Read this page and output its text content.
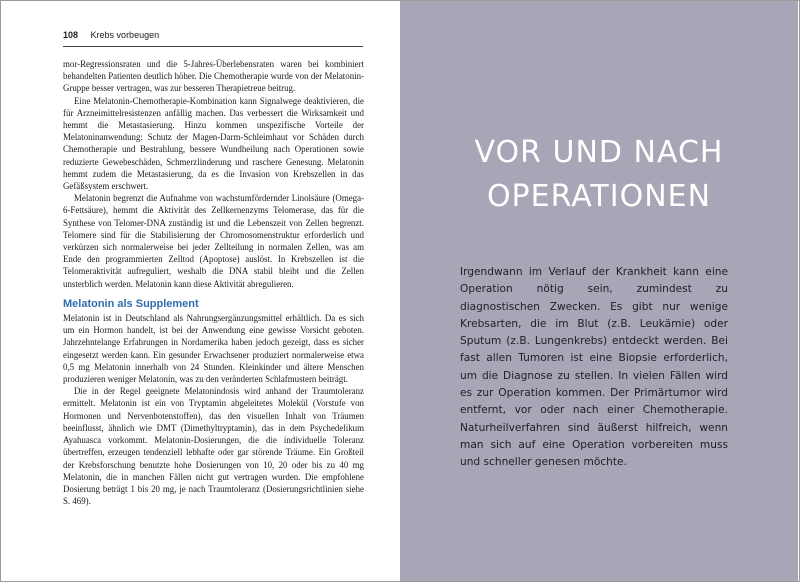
108 Krebs vorbeugen

mor-Regressionsraten und die 5-Jahres-Überlebensraten waren bei kombiniert behandelten Patienten deutlich höher. Die Chemotherapie wurde von der Melatonin-Gruppe besser vertragen, was zur besseren Therapietreue beitrug.

Eine Melatonin-Chemotherapie-Kombination kann Signalwege deaktivieren, die für Arzneimittelresistenzen anfällig machen. Das verbessert die Wirksamkeit und hemmt die Metastasierung. Hinzu kommen unspezifische Vorteile der Melatoninanwendung: Schutz der Magen-Darm-Schleimhaut vor Schäden durch Chemotherapie und Bestrahlung, bessere Wundheilung nach Operationen sowie reduzierte Gewebeschäden, Schmerzlinderung und raschere Genesung. Melatonin hemmt zudem die Metastasierung, da es die Invasion von Krebszellen in das Gefäßsystem erschwert.

Melatonin begrenzt die Aufnahme von wachstumfördernder Linolsäure (Omega-6-Fettsäure), hemmt die Aktivität des Zellkernenzyms Telomerase, das für die Synthese von Telomer-DNA zuständig ist und die Lebenszeit von Zellen begrenzt. Telomere sind für die Stabilisierung der Chromosomenstruktur erforderlich und verkürzen sich normalerweise bei jeder Zellteilung in normalen Zellen, was am Ende den programmierten Zelltod (Apoptose) auslöst. In Krebszellen ist die Telomeraktivität aufreguliert, weshalb die DNA stabil bleibt und die Zellen unsterblich werden. Melatonin kann diese Aktivität abregulieren.

Melatonin als Supplement

Melatonin ist in Deutschland als Nahrungsergänzungsmittel erhältlich. Da es sich um ein Hormon handelt, ist bei der Anwendung eine gewisse Vorsicht geboten. Jahrzehntelange Erfahrungen in Nordamerika haben jedoch gezeigt, dass es sicher eingesetzt werden kann. Ein gesunder Erwachsener produziert normalerweise etwa 0,5 mg Melatonin innerhalb von 24 Stunden. Kleinkinder und ältere Menschen produzieren weniger Melatonin, was zu den veränderten Schlafmustern beiträgt.

Die in der Regel geeignete Melatonindosis wird anhand der Traumtoleranz ermittelt. Melatonin ist ein von Tryptamin abgeleitetes Molekül (Vorstufe von Hormonen und Nervenbotenstoffen), das den visuellen Inhalt von Träumen beeinflusst, ähnlich wie DMT (Dimethyltryptamin), das in dem Psychedelikum Ayahuasca vorkommt. Melatonin-Dosierungen, die die individuelle Toleranz übertreffen, erzeugen tendenziell lebhafte oder gar störende Träume. Ein Großteil der Krebsforschung benutzte hohe Dosierungen von 10, 20 oder bis zu 40 mg Melatonin, die in manchen Fällen nicht gut vertragen wurden. Die empfohlene Dosierung beträgt 1 bis 20 mg, je nach Traumtoleranz (Dosierungsrichtlinien siehe S. 469).

VOR UND NACH OPERATIONEN

Irgendwann im Verlauf der Krankheit kann eine Operation nötig sein, zumindest zu diagnostischen Zwecken. Es gibt nur wenige Krebsarten, die im Blut (z.B. Leukämie) oder Sputum (z.B. Lungenkrebs) entdeckt werden. Bei fast allen Tumoren ist eine Biopsie erforderlich, um die Diagnose zu stellen. In vielen Fällen wird es zur Operation kommen. Der Primärtumor wird entfernt, vor oder nach einer Chemotherapie. Naturheilverfahren sind äußerst hilfreich, wenn man sich auf eine Operation vorbereiten muss und schneller genesen möchte.
